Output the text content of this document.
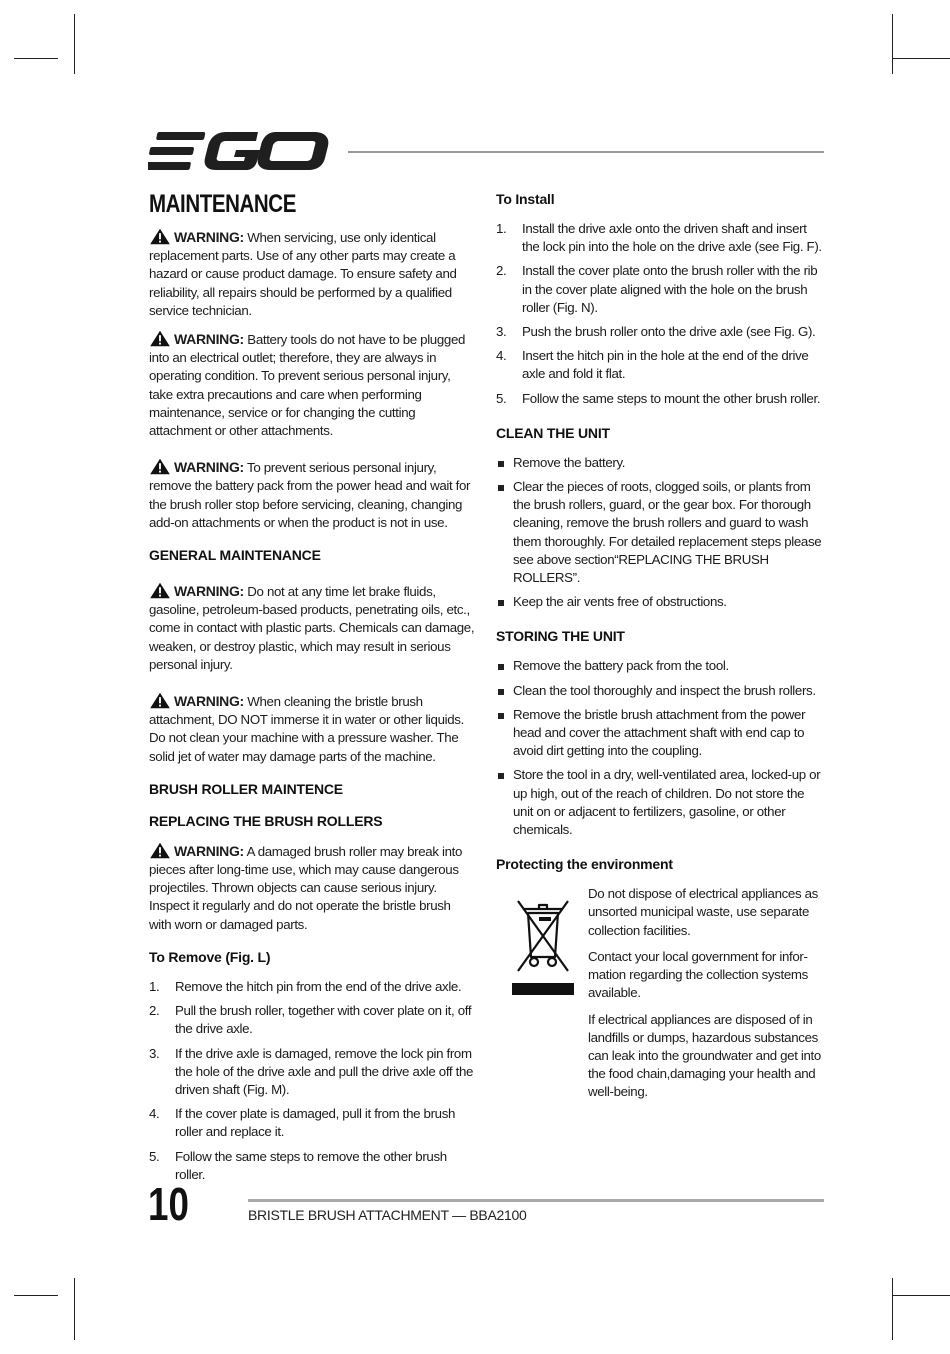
MAINTENANCE

WARNING: When servicing, use only identical replacement parts. Use of any other parts may create a hazard or cause product damage. To ensure safety and reliability, all repairs should be performed by a qualified service technician.

WARNING: Battery tools do not have to be plugged into an electrical outlet; therefore, they are always in operating condition. To prevent serious personal injury, take extra precautions and care when performing maintenance, service or for changing the cutting attachment or other attachments.

WARNING: To prevent serious personal injury, remove the battery pack from the power head and wait for the brush roller stop before servicing, cleaning, changing add-on attachments or when the product is not in use.

GENERAL MAINTENANCE

WARNING: Do not at any time let brake fluids, gasoline, petroleum-based products, penetrating oils, etc., come in contact with plastic parts. Chemicals can damage, weaken, or destroy plastic, which may result in serious personal injury.

WARNING: When cleaning the bristle brush attachment, DO NOT immerse it in water or other liquids. Do not clean your machine with a pressure washer. The solid jet of water may damage parts of the machine.

BRUSH ROLLER MAINTENCE
REPLACING THE BRUSH ROLLERS

WARNING: A damaged brush roller may break into pieces after long-time use, which may cause dangerous projectiles. Thrown objects can cause serious injury. Inspect it regularly and do not operate the bristle brush with worn or damaged parts.

To Remove (Fig. L)
1. Remove the hitch pin from the end of the drive axle.
2. Pull the brush roller, together with cover plate on it, off the drive axle.
3. If the drive axle is damaged, remove the lock pin from the hole of the drive axle and pull the drive axle off the driven shaft (Fig. M).
4. If the cover plate is damaged, pull it from the brush roller and replace it.
5. Follow the same steps to remove the other brush roller.
To Install
1. Install the drive axle onto the driven shaft and insert the lock pin into the hole on the drive axle (see Fig. F).
2. Install the cover plate onto the brush roller with the rib in the cover plate aligned with the hole on the brush roller (Fig. N).
3. Push the brush roller onto the drive axle (see Fig. G).
4. Insert the hitch pin in the hole at the end of the drive axle and fold it flat.
5. Follow the same steps to mount the other brush roller.
CLEAN THE UNIT
Remove the battery.
Clear the pieces of roots, clogged soils, or plants from the brush rollers, guard, or the gear box. For thorough cleaning, remove the brush rollers and guard to wash them thoroughly. For detailed replacement steps please see above section“REPLACING THE BRUSH ROLLERS”.
Keep the air vents free of obstructions.
STORING THE UNIT
Remove the battery pack from the tool.
Clean the tool thoroughly and inspect the brush rollers.
Remove the bristle brush attachment from the power head and cover the attachment shaft with end cap to avoid dirt getting into the coupling.
Store the tool in a dry, well-ventilated area, locked-up or up high, out of the reach of children. Do not store the unit on or adjacent to fertilizers, gasoline, or other chemicals.
Protecting the environment

Do not dispose of electrical appliances as unsorted municipal waste, use separate collection facilities.

Contact your local government for infor-mation regarding the collection systems available.

If electrical appliances are disposed of in landfills or dumps, hazardous substances can leak into the groundwater and get into the food chain,damaging your health and well-being.

10	BRISTLE BRUSH ATTACHMENT — BBA2100
